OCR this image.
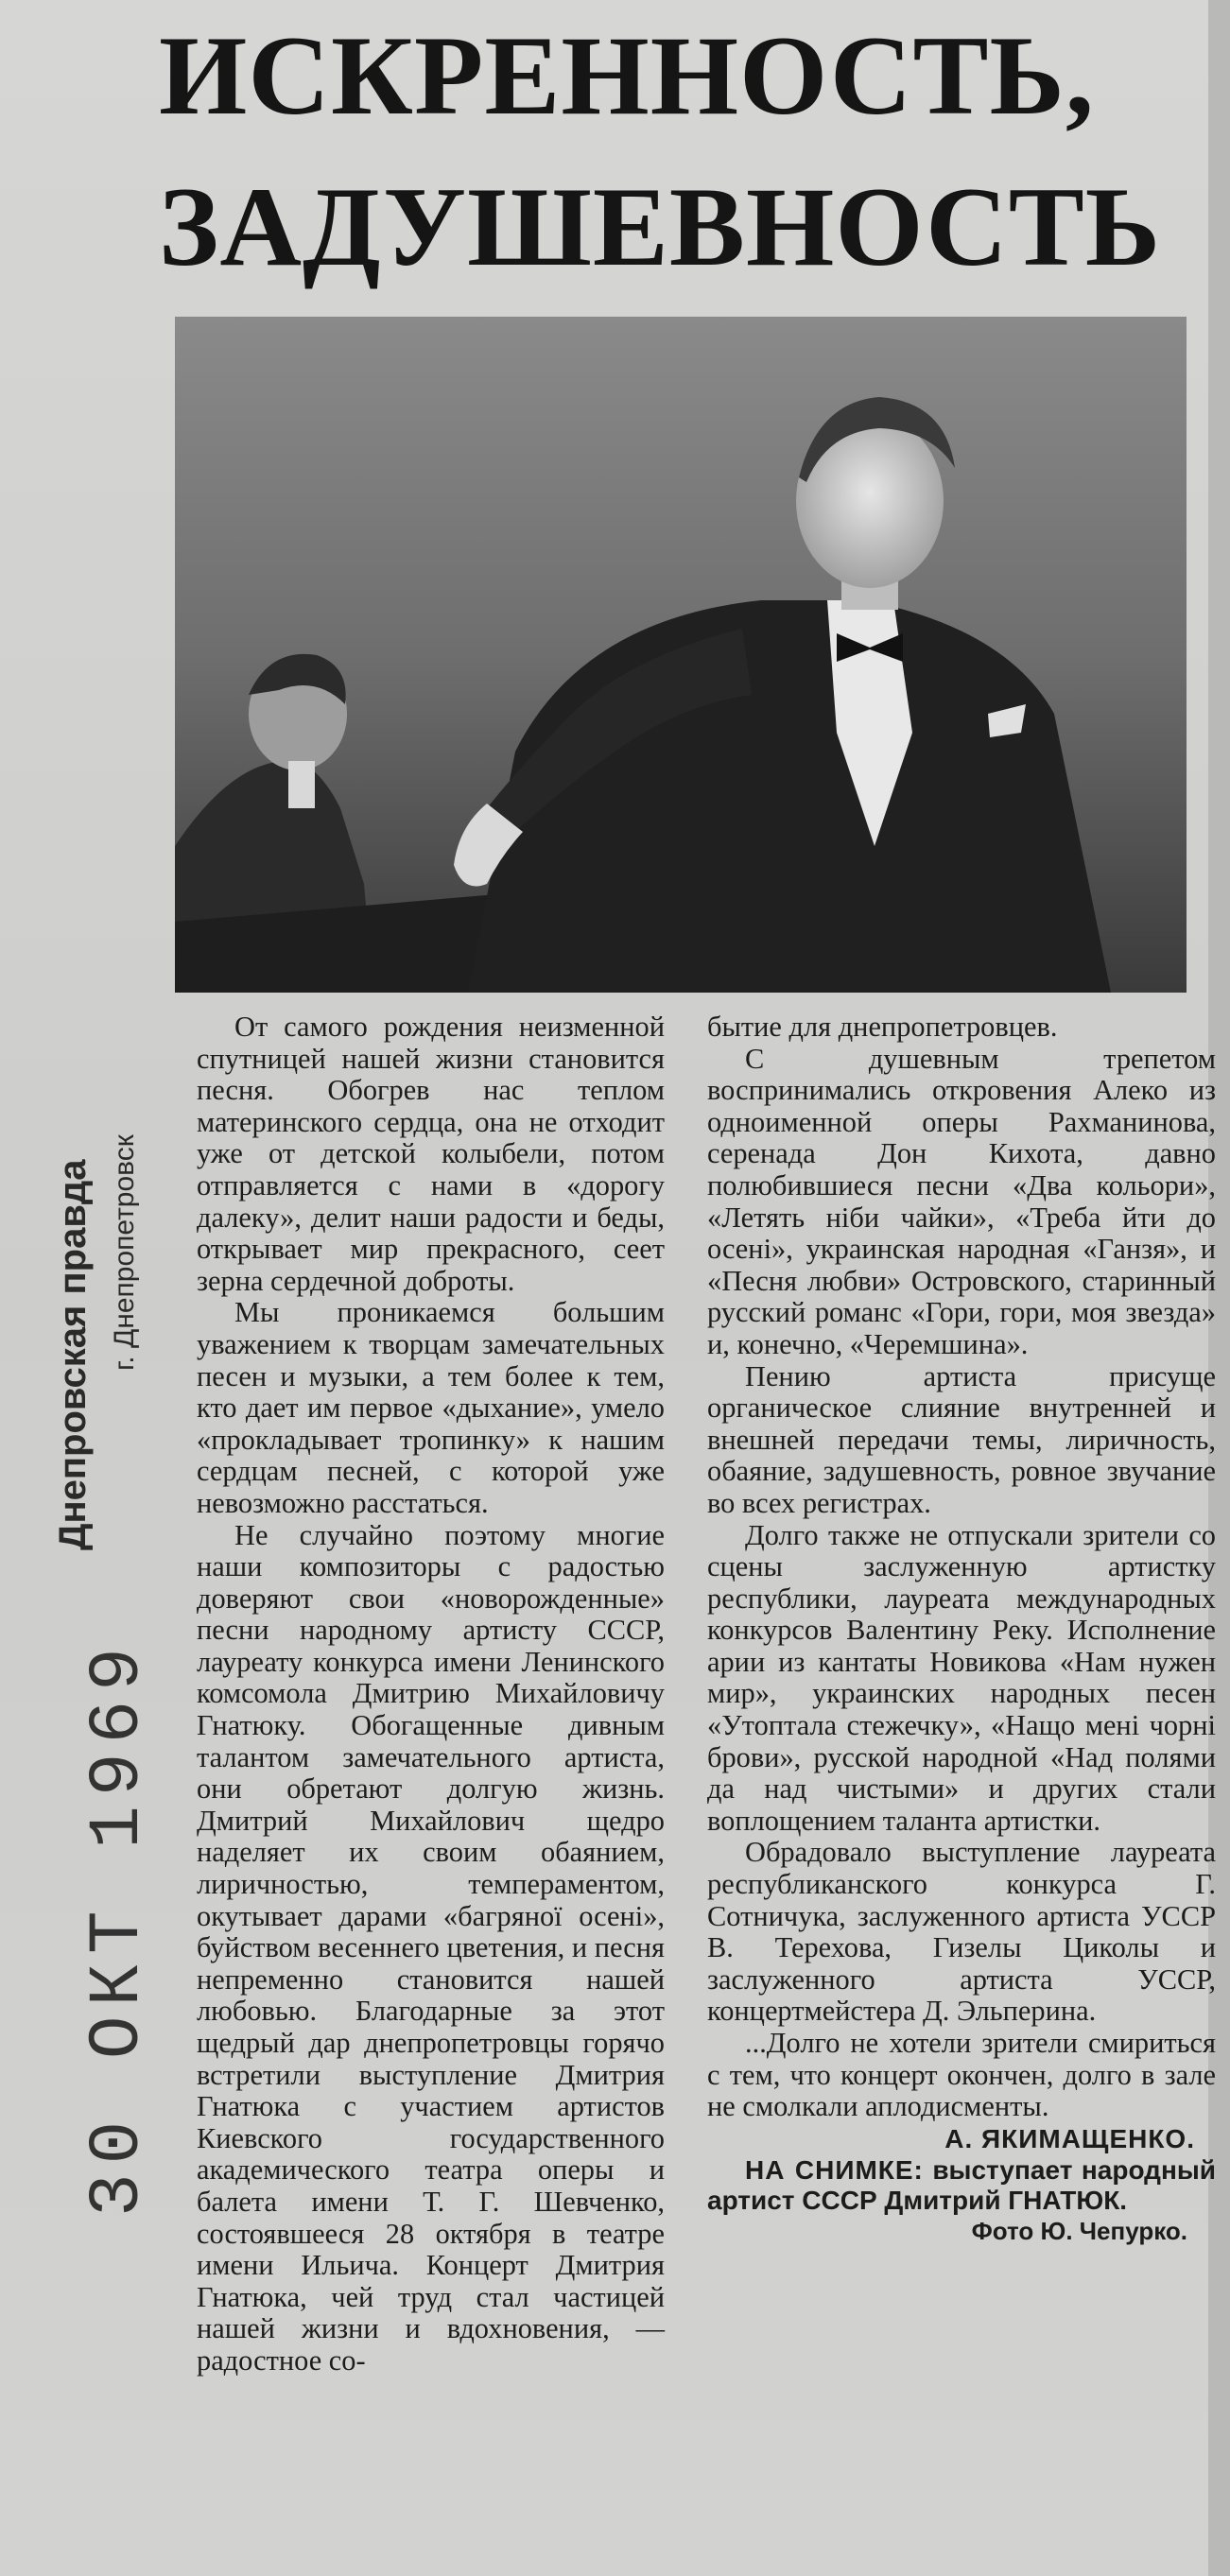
ИСКРЕННОСТЬ,
ЗАДУШЕВНОСТЬ
Днепровская правда г. Днепропетровск
30 ОКТ 1969

От самого рождения неизменной спутницей нашей жизни становится песня. Обогрев нас теплом материнского сердца, она не отходит уже от детской колыбели, потом отправляется с нами в «дорогу далеку», делит наши радости и беды, открывает мир прекрасного, сеет зерна сердечной доброты.

Мы проникаемся большим уважением к творцам замечательных песен и музыки, а тем более к тем, кто дает им первое «дыхание», умело «прокладывает тропинку» к нашим сердцам песней, с которой уже невозможно расстаться.

Не случайно поэтому многие наши композиторы с радостью доверяют свои «новорожденные» песни народному артисту СССР, лауреату конкурса имени Ленинского комсомола Дмитрию Михайловичу Гнатюку. Обогащенные дивным талантом замечательного артиста, они обретают долгую жизнь. Дмитрий Михайлович щедро наделяет их своим обаянием, лиричностью, темпераментом, окутывает дарами «багряної осені», буйством весеннего цветения, и песня непременно становится нашей любовью. Благодарные за этот щедрый дар днепропетровцы горячо встретили выступление Дмитрия Гнатюка с участием артистов Киевского государственного академического театра оперы и балета имени Т. Г. Шевченко, состоявшееся 28 октября в театре имени Ильича. Концерт Дмитрия Гнатюка, чей труд стал частицей нашей жизни и вдохновения, — радостное со-

бытие для днепропетровцев.

С душевным трепетом воспринимались откровения Алеко из одноименной оперы Рахманинова, серенада Дон Кихота, давно полюбившиеся песни «Два кольори», «Летять нiби чайки», «Треба йти до осенi», украинская народная «Ганзя», и «Песня любви» Островского, старинный русский романс «Гори, гори, моя звезда» и, конечно, «Черемшина».

Пению артиста присуще органическое слияние внутренней и внешней передачи темы, лиричность, обаяние, задушевность, ровное звучание во всех регистрах.

Долго также не отпускали зрители со сцены заслуженную артистку республики, лауреата международных конкурсов Валентину Реку. Исполнение арии из кантаты Новикова «Нам нужен мир», украинских народных песен «Утоптала стежечку», «Нащо менi чорнi брови», русской народной «Над полями да над чистыми» и других стали воплощением таланта артистки.

Обрадовало выступление лауреата республиканского конкурса Г. Сотничука, заслуженного артиста УССР В. Терехова, Гизелы Циколы и заслуженного артиста УССР, концертмейстера Д. Эльперина.

...Долго не хотели зрители смириться с тем, что концерт окончен, долго в зале не смолкали аплодисменты.

А. ЯКИМАЩЕНКО.

НА СНИМКЕ: выступает народный артист СССР Дмитрий ГНАТЮК.

Фото Ю. Чепурко.
